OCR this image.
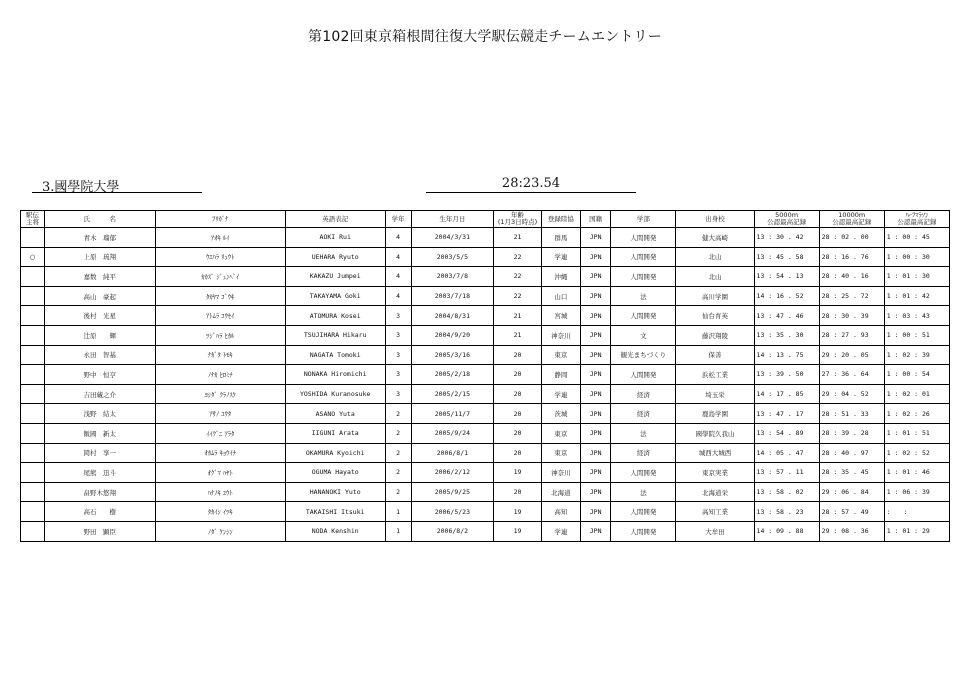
第102回東京箱根間往復大学駅伝競走チームエントリー
3.國學院大學	28:23.54
駅伝
主将	氏　　　名	ﾌﾘｶﾞﾅ	英語表記	学年	生年月日	年齢
(1月3日時点)	登録陸協	国籍	学部	出身校	5000m
公認最高記録	10000m
公認最高記録	ﾊｰﾌﾏﾗｿﾝ
公認最高記録
	青木　瑠郁	ｱｵｷ ﾙｲ	AOKI Rui	4	2004/3/31	21	群馬	JPN	人間開発	健大高崎	13 : 30 . 42	28 : 02 . 00	1 : 00 : 45
○	上原　琉翔	ｳｴﾊﾗ ﾘｭｳﾄ	UEHARA Ryuto	4	2003/5/5	22	学連	JPN	人間開発	北山	13 : 45 . 58	28 : 16 . 76	1 : 00 : 30
	嘉数　純平	ｶｶｽﾞ ｼﾞｭﾝﾍﾟｲ	KAKAZU Jumpei	4	2003/7/8	22	沖縄	JPN	人間開発	北山	13 : 54 . 13	28 : 40 . 16	1 : 01 : 30
	高山　豪起	ﾀｶﾔﾏ ｺﾞｳｷ	TAKAYAMA Goki	4	2003/7/18	22	山口	JPN	法	高川学園	14 : 16 . 52	28 : 25 . 72	1 : 01 : 42
	後村　光星	ｱﾄﾑﾗ ｺｳｾｲ	ATOMURA Kosei	3	2004/8/31	21	宮城	JPN	人間開発	仙台育英	13 : 47 . 46	28 : 30 . 39	1 : 03 : 43
	辻原　　輝	ﾂｼﾞﾊﾗ ﾋｶﾙ	TSUJIHARA Hikaru	3	2004/9/20	21	神奈川	JPN	文	藤沢翔陵	13 : 35 . 30	28 : 27 . 93	1 : 00 : 51
	永田　智基	ﾅｶﾞﾀ ﾄﾓｷ	NAGATA Tomoki	3	2005/3/16	20	東京	JPN	観光まちづくり	保善	14 : 13 . 75	29 : 20 . 05	1 : 02 : 39
	野中　恒亨	ﾉﾅｶ ﾋﾛﾐﾁ	NONAKA Hiromichi	3	2005/2/18	20	静岡	JPN	人間開発	浜松工業	13 : 39 . 50	27 : 36 . 64	1 : 00 : 54
	吉田蔵之介	ﾖｼﾀﾞ ｸﾗﾉｽｹ	YOSHIDA Kuranosuke	3	2005/2/15	20	学連	JPN	経済	埼玉栄	14 : 17 . 85	29 : 04 . 52	1 : 02 : 01
	浅野　結太	ｱｻﾉ ﾕｳﾀ	ASANO Yuta	2	2005/11/7	20	茨城	JPN	経済	鹿島学園	13 : 47 . 17	28 : 51 . 33	1 : 02 : 26
	飯國　新太	ｲｲｸﾞﾆ ｱﾗﾀ	IIGUNI Arata	2	2005/9/24	20	東京	JPN	法	國學院久我山	13 : 54 . 89	28 : 39 . 28	1 : 01 : 51
	岡村　享一	ｵｶﾑﾗ ｷｮｳｲﾁ	OKAMURA Kyoichi	2	2006/8/1	20	東京	JPN	経済	城西大城西	14 : 05 . 47	28 : 40 . 97	1 : 02 : 52
	尾熊　迅斗	ｵｸﾞﾏ ﾊﾔﾄ	OGUMA Hayato	2	2006/2/12	19	神奈川	JPN	人間開発	東京実業	13 : 57 . 11	28 : 35 . 45	1 : 01 : 46
	畠野木悠翔	ﾊﾅﾉｷ ﾕｳﾄ	HANANOKI Yuto	2	2005/9/25	20	北海道	JPN	法	北海道栄	13 : 58 . 02	29 : 06 . 84	1 : 06 : 39
	高石　　樹	ﾀｶｲｼ ｲﾂｷ	TAKAISHI Itsuki	1	2006/5/23	19	高知	JPN	人間開発	高知工業	13 : 58 . 23	28 : 57 . 49	:　　:
	野田　顕臣	ﾉﾀﾞ ｹﾝｼﾝ	NODA Kenshin	1	2006/8/2	19	学連	JPN	人間開発	大牟田	14 : 09 . 88	29 : 08 . 36	1 : 01 : 29
